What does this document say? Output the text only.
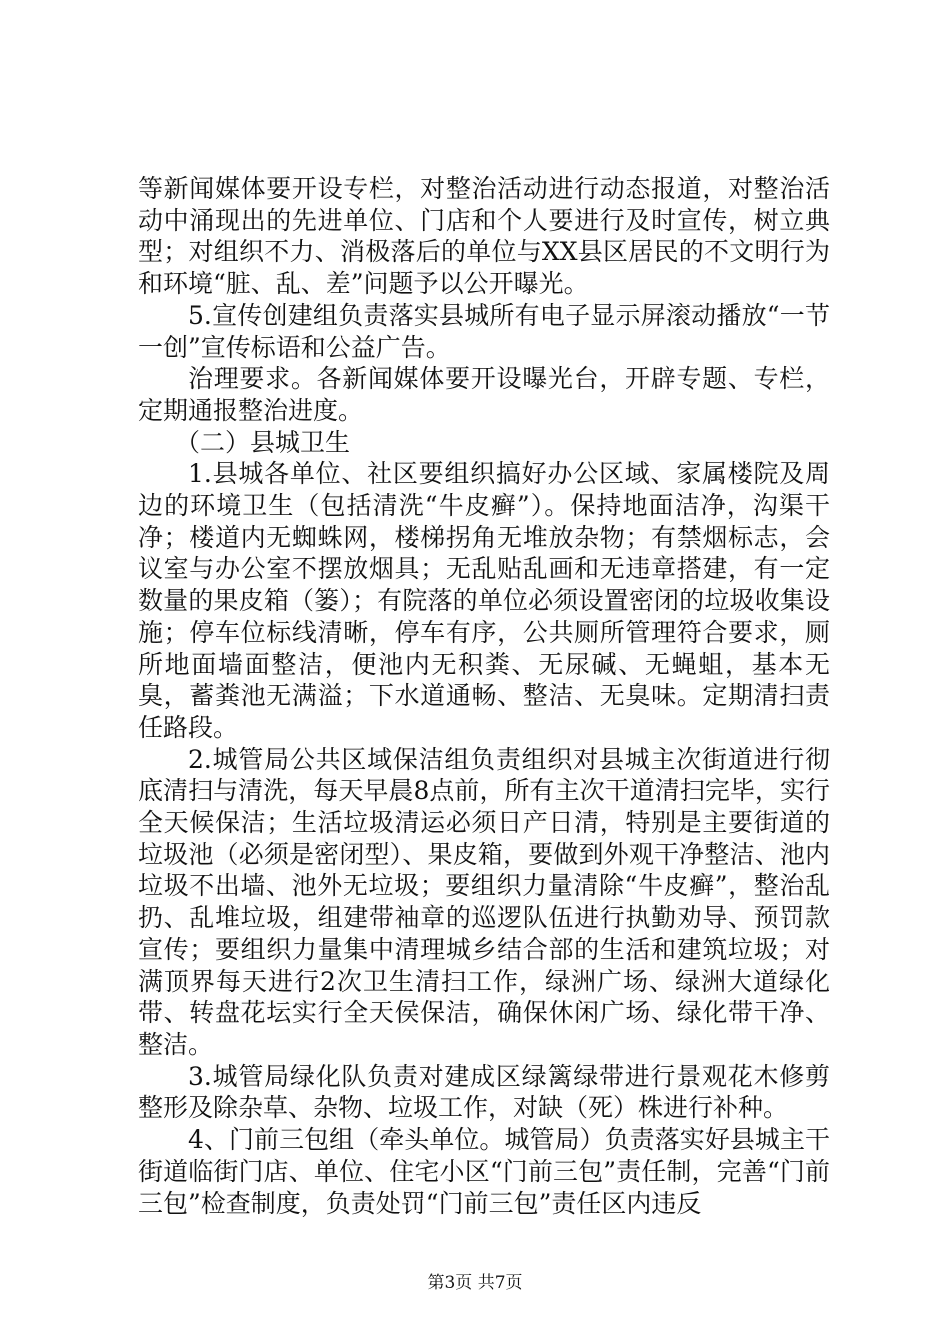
等新闻媒体要开设专栏，对整治活动进行动态报道，对整治活动中涌现出的先进单位、门店和个人要进行及时宣传，树立典型；对组织不力、消极落后的单位与XX县区居民的不文明行为和环境“脏、乱、差”问题予以公开曝光。

5.宣传创建组负责落实县城所有电子显示屏滚动播放“一节一创”宣传标语和公益广告。

治理要求。各新闻媒体要开设曝光台，开辟专题、专栏，定期通报整治进度。

（二）县城卫生

1.县城各单位、社区要组织搞好办公区域、家属楼院及周边的环境卫生（包括清洗“牛皮癣”）。保持地面洁净，沟渠干净；楼道内无蜘蛛网，楼梯拐角无堆放杂物；有禁烟标志，会议室与办公室不摆放烟具；无乱贴乱画和无违章搭建，有一定数量的果皮箱（篓）；有院落的单位必须设置密闭的垃圾收集设施；停车位标线清晰，停车有序，公共厕所管理符合要求，厕所地面墙面整洁，便池内无积粪、无尿碱、无蝇蛆，基本无臭，蓄粪池无满溢；下水道通畅、整洁、无臭味。定期清扫责任路段。

2.城管局公共区域保洁组负责组织对县城主次街道进行彻底清扫与清洗，每天早晨8点前，所有主次干道清扫完毕，实行全天候保洁；生活垃圾清运必须日产日清，特别是主要街道的垃圾池（必须是密闭型）、果皮箱，要做到外观干净整洁、池内垃圾不出墙、池外无垃圾；要组织力量清除“牛皮癣”，整治乱扔、乱堆垃圾，组建带袖章的巡逻队伍进行执勤劝导、预罚款宣传；要组织力量集中清理城乡结合部的生活和建筑垃圾；对满顶界每天进行2次卫生清扫工作，绿洲广场、绿洲大道绿化带、转盘花坛实行全天侯保洁，确保休闲广场、绿化带干净、整洁。

3.城管局绿化队负责对建成区绿篱绿带进行景观花木修剪整形及除杂草、杂物、垃圾工作，对缺（死）株进行补种。

4、门前三包组（牵头单位。城管局）负责落实好县城主干街道临街门店、单位、住宅小区“门前三包”责任制，完善“门前三包”检查制度，负责处罚“门前三包”责任区内违反

第3页 共7页
